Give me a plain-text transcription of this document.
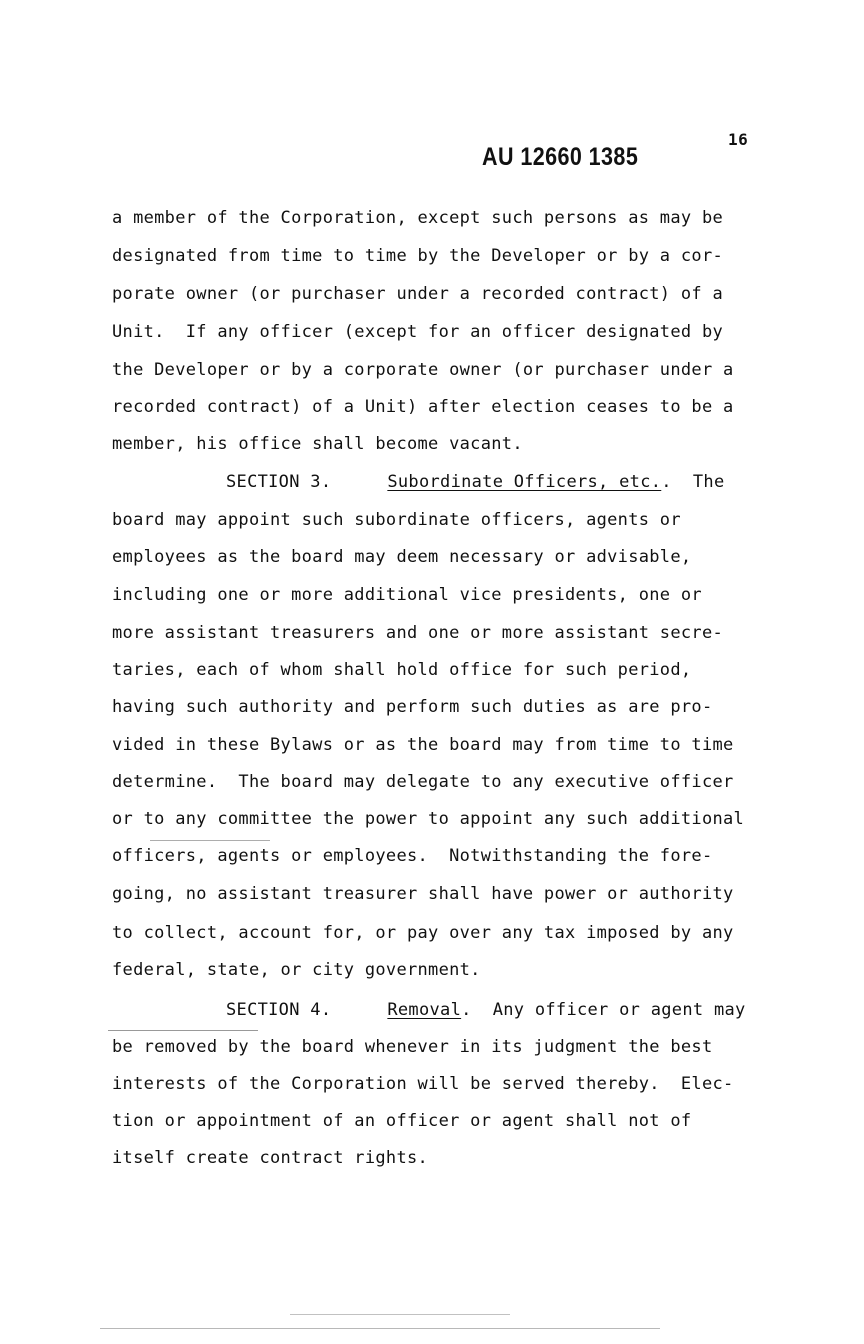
16
AU 12660 1385
a member of the Corporation, except such persons as may be
designated from time to time by the Developer or by a cor-
porate owner (or purchaser under a recorded contract) of a
Unit.  If any officer (except for an officer designated by
the Developer or by a corporate owner (or purchaser under a
recorded contract) of a Unit) after election ceases to be a
member, his office shall become vacant.
SECTION 3.	Subordinate Officers, etc..  The
board may appoint such subordinate officers, agents or
employees as the board may deem necessary or advisable,
including one or more additional vice presidents, one or
more assistant treasurers and one or more assistant secre-
taries, each of whom shall hold office for such period,
having such authority and perform such duties as are pro-
vided in these Bylaws or as the board may from time to time
determine.  The board may delegate to any executive officer
or to any committee the power to appoint any such additional
officers, agents or employees.  Notwithstanding the fore-
going, no assistant treasurer shall have power or authority
to collect, account for, or pay over any tax imposed by any
federal, state, or city government.
SECTION 4.	Removal.  Any officer or agent may
be removed by the board whenever in its judgment the best
interests of the Corporation will be served thereby.  Elec-
tion or appointment of an officer or agent shall not of
itself create contract rights.
